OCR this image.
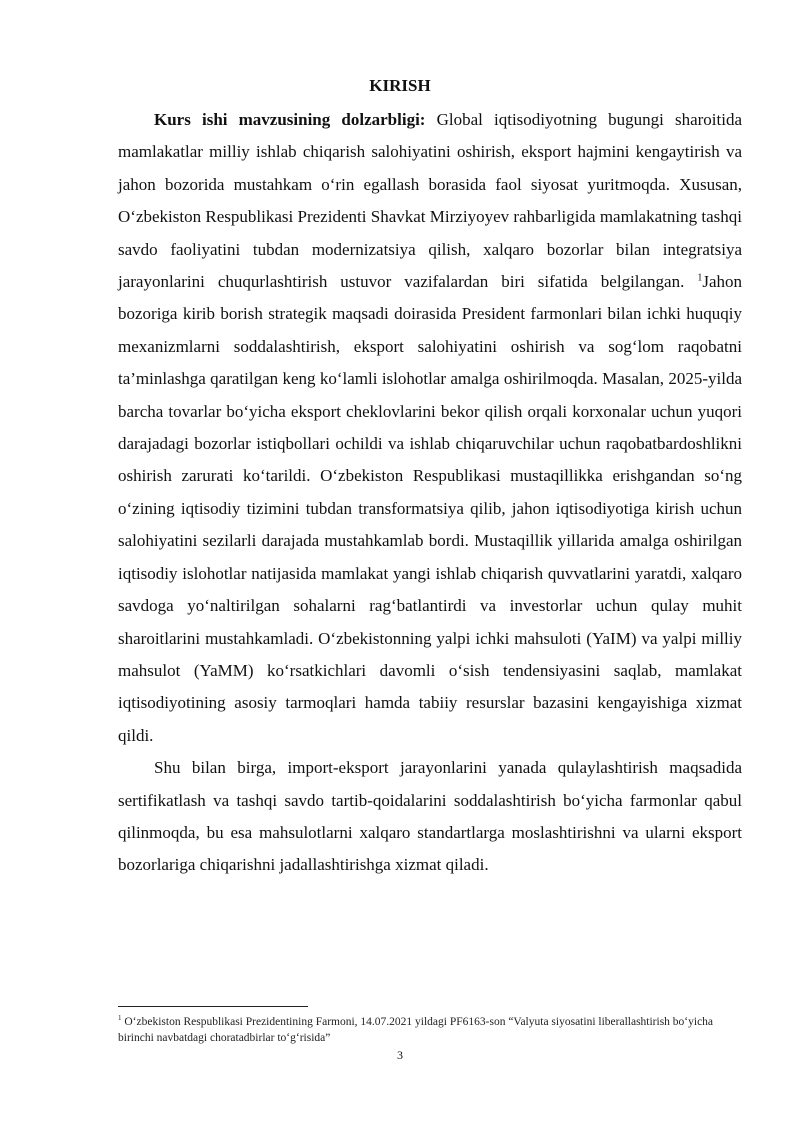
KIRISH

Kurs ishi mavzusining dolzarbligi: Global iqtisodiyotning bugungi sharoitida mamlakatlar milliy ishlab chiqarish salohiyatini oshirish, eksport hajmini kengaytirish va jahon bozorida mustahkam o‘rin egallash borasida faol siyosat yuritmoqda. Xususan, O‘zbekiston Respublikasi Prezidenti Shavkat Mirziyoyev rahbarligida mamlakatning tashqi savdo faoliyatini tubdan modernizatsiya qilish, xalqaro bozorlar bilan integratsiya jarayonlarini chuqurlashtirish ustuvor vazifalardan biri sifatida belgilangan. $^1$Jahon bozoriga kirib borish strategik maqsadi doirasida President farmonlari bilan ichki huquqiy mexanizmlarni soddalashtirish, eksport salohiyatini oshirish va sog‘lom raqobatni ta’minlashga qaratilgan keng ko‘lamli islohotlar amalga oshirilmoqda. Masalan, 2025-yilda barcha tovarlar bo‘yicha eksport cheklovlarini bekor qilish orqali korxonalar uchun yuqori darajadagi bozorlar istiqbollari ochildi va ishlab chiqaruvchilar uchun raqobatbardoshlikni oshirish zarurati ko‘tarildi. O‘zbekiston Respublikasi mustaqillikka erishgandan so‘ng o‘zining iqtisodiy tizimini tubdan transformatsiya qilib, jahon iqtisodiyotiga kirish uchun salohiyatini sezilarli darajada mustahkamlab bordi. Mustaqillik yillarida amalga oshirilgan iqtisodiy islohotlar natijasida mamlakat yangi ishlab chiqarish quvvatlarini yaratdi, xalqaro savdoga yo‘naltirilgan sohalarni rag‘batlantirdi va investorlar uchun qulay muhit sharoitlarini mustahkamladi. O‘zbekistonning yalpi ichki mahsuloti (YaIM) va yalpi milliy mahsulot (YaMM) ko‘rsatkichlari davomli o‘sish tendensiyasini saqlab, mamlakat iqtisodiyotining asosiy tarmoqlari hamda tabiiy resurslar bazasini kengayishiga xizmat qildi.

Shu bilan birga, import-eksport jarayonlarini yanada qulaylashtirish maqsadida sertifikatlash va tashqi savdo tartib-qoidalarini soddalashtirish bo‘yicha farmonlar qabul qilinmoqda, bu esa mahsulotlarni xalqaro standartlarga moslashtirishni va ularni eksport bozorlariga chiqarishni jadallashtirishga xizmat qiladi.

$^1$ O‘zbekiston Respublikasi Prezidentining Farmoni, 14.07.2021 yildagi PF6163-son “Valyuta siyosatini liberallashtirish bo‘yicha birinchi navbatdagi choratadbirlar to‘g‘risida”
3
